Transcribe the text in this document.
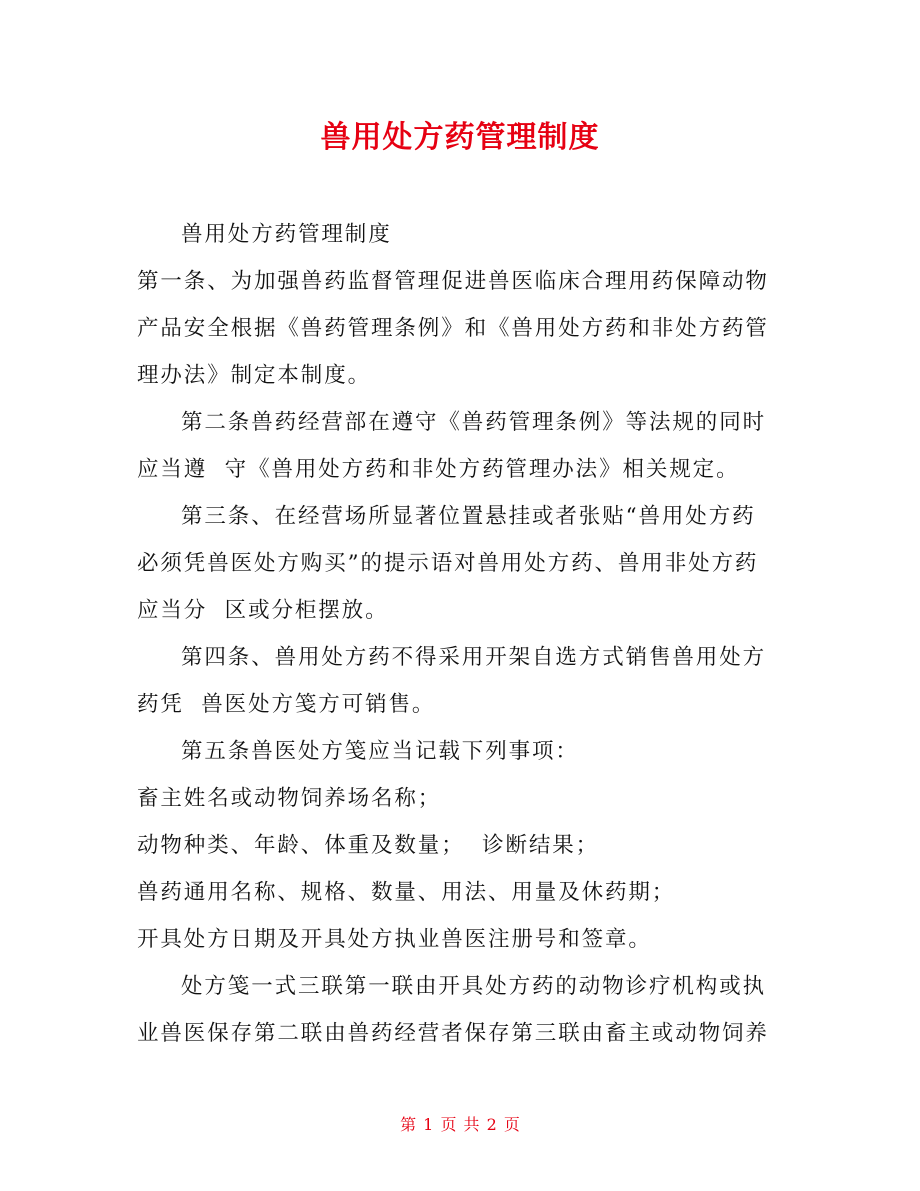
兽用处方药管理制度
兽用处方药管理制度
第一条、为加强兽药监督管理促进兽医临床合理用药保障动物
产品安全根据《兽药管理条例》和《兽用处方药和非处方药管
理办法》制定本制度。
第二条兽药经营部在遵守《兽药管理条例》等法规的同时
应当遵  守《兽用处方药和非处方药管理办法》相关规定。
第三条、在经营场所显著位置悬挂或者张贴“兽用处方药
必须凭兽医处方购买”的提示语对兽用处方药、兽用非处方药
应当分  区或分柜摆放。
第四条、兽用处方药不得采用开架自选方式销售兽用处方
药凭  兽医处方笺方可销售。
第五条兽医处方笺应当记载下列事项：
畜主姓名或动物饲养场名称；
动物种类、年龄、体重及数量；  诊断结果；
兽药通用名称、规格、数量、用法、用量及休药期；
开具处方日期及开具处方执业兽医注册号和签章。
处方笺一式三联第一联由开具处方药的动物诊疗机构或执
业兽医保存第二联由兽药经营者保存第三联由畜主或动物饲养
第 1 页 共 2 页
